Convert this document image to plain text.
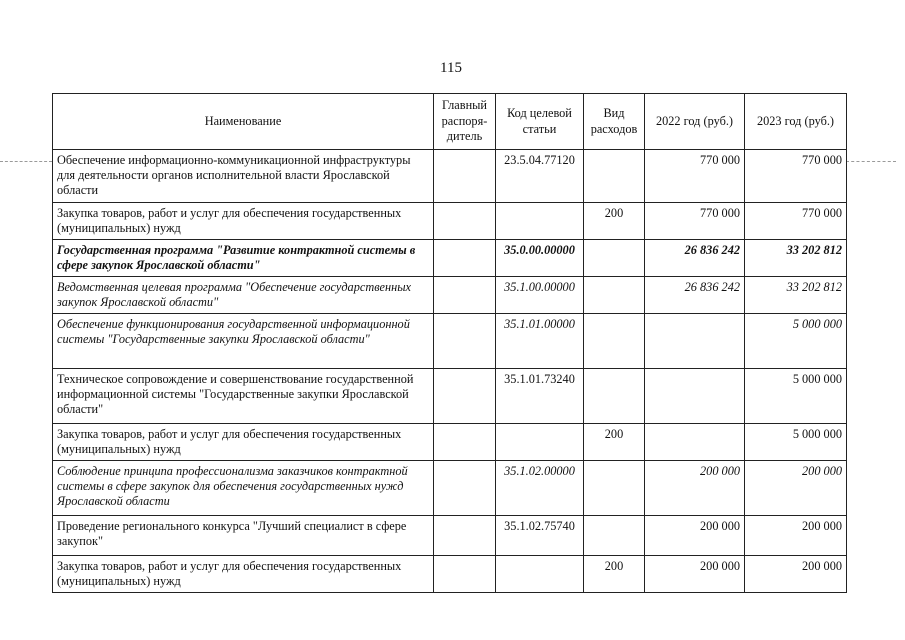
115
Наименование	Главный распоря-дитель	Код целевой статьи	Вид расходов	2022 год (руб.)	2023 год (руб.)
Обеспечение информационно-коммуникационной инфраструктуры для деятельности органов исполнительной власти Ярославской области		23.5.04.77120		770 000	770 000
Закупка товаров, работ и услуг для обеспечения государственных (муниципальных) нужд			200	770 000	770 000
Государственная программа "Развитие контрактной системы в сфере закупок Ярославской области"		35.0.00.00000		26 836 242	33 202 812
Ведомственная целевая программа "Обеспечение государственных закупок Ярославской области"		35.1.00.00000		26 836 242	33 202 812
Обеспечение функционирования государственной информационной системы "Государственные закупки Ярославской области"		35.1.01.00000			5 000 000
Техническое сопровождение и совершенствование государственной информационной системы "Государственные закупки Ярославской области"		35.1.01.73240			5 000 000
Закупка товаров, работ и услуг для обеспечения государственных (муниципальных) нужд			200		5 000 000
Соблюдение принципа профессионализма заказчиков контрактной системы в сфере закупок для обеспечения государственных нужд Ярославской области		35.1.02.00000		200 000	200 000
Проведение регионального конкурса "Лучший специалист в сфере закупок"		35.1.02.75740		200 000	200 000
Закупка товаров, работ и услуг для обеспечения государственных (муниципальных) нужд			200	200 000	200 000
